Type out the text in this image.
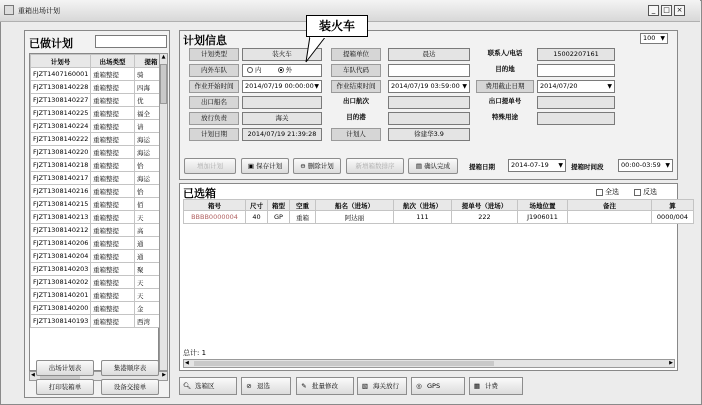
重箱出场计划	_	□ ×
已做计划
计划号	出场类型	提箱
FJZT1407160001	重箱整提	骑
FJZT1308140228	重箱整提	四海
FJZT1308140227	重箱整提	优
FJZT1308140225	重箱整提	福全
FJZT1308140224	重箱整提	请
FJZT1308140222	重箱整提	海运
FJZT1308140220	重箱整提	海运
FJZT1308140218	重箱整提	恰
FJZT1308140217	重箱整提	海运
FJZT1308140216	重箱整提	恰
FJZT1308140215	重箱整提	佰
FJZT1308140213	重箱整提	天
FJZT1308140212	重箱整提	高
FJZT1308140206	重箱整提	通
FJZT1308140204	重箱整提	通
FJZT1308140203	重箱整提	聚
FJZT1308140202	重箱整提	天
FJZT1308140201	重箱整提	天
FJZT1308140200	重箱整提	金
FJZT1308140193	重箱整提	西湾
▲
◀	▶
出场计划表	集港顺序表
打印装箱单	设备交接单
计划信息	100 ▼
计划类型	装火车	提箱单位	晨达	联系人/电话	15002207161
内外车队	内	外	车队代码	目的地
作业开始时间	2014/07/19 00:00:00 ▼	作业结束时间	2014/07/19 03:59:00 ▼	费用截止日期	2014/07/20 ▼
出口船名	出口航次	出口提单号
放行负责	海关	目的港	特殊用途
计划日期	2014/07/19 21:39:28	计划人	徐建华3.9
增加计划	▣ 保存计划	⊖ 删除计划	新增箱数排序	▤ 确认完成	提箱日期	2014-07-19 ▼	提箱时间段	00:00-03:59 ▼
装火车
已选箱	全选	反选
箱号	尺寸	箱型	空重	船名（进场）	航次（进场）	提单号（进场）	场地位置	备注	算
BBBB0000004	40	GP	重箱	阿达丽	111	222	J1906011		0000/004
总计: 1
◀	▶
🔍︎ 选箱区	⊘ 退选	✎ 批量修改	▧ 海关放行	◎ GPS	▦ 计费
